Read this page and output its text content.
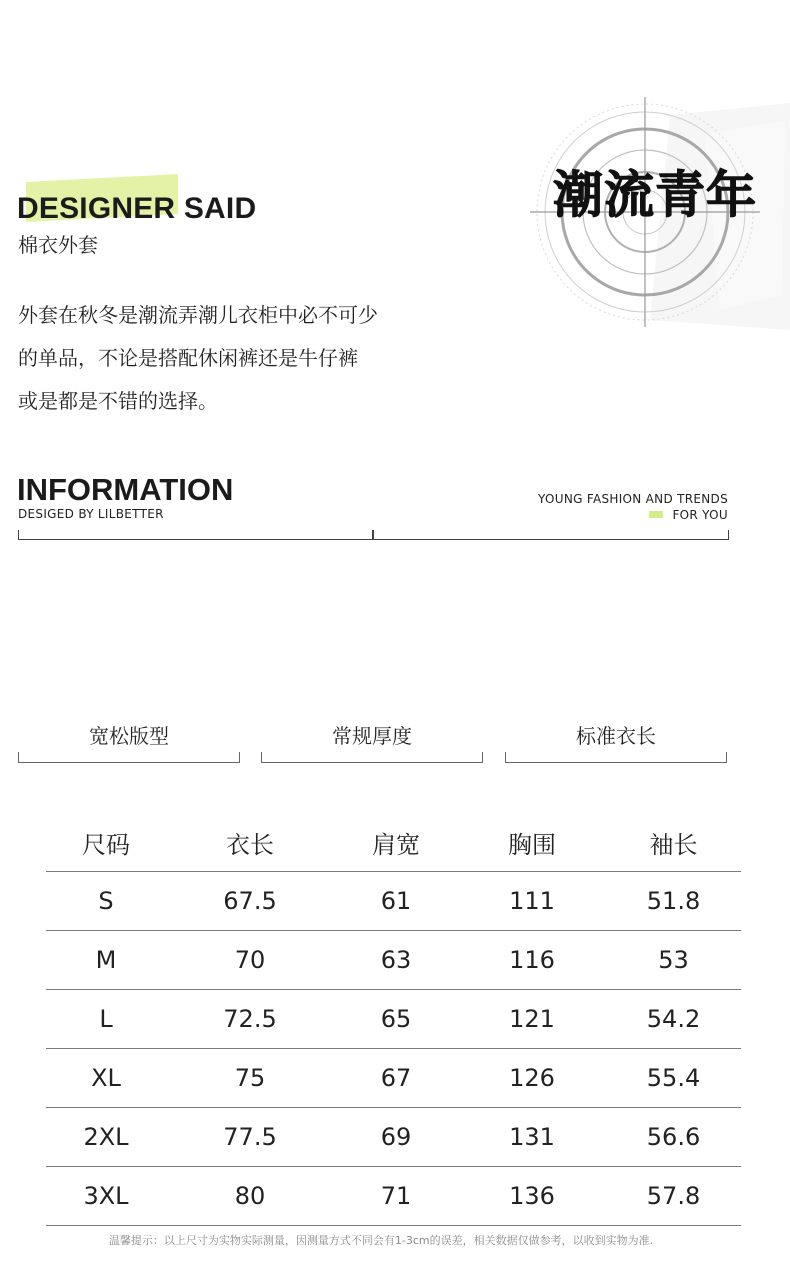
DESIGNER SAID
棉衣外套
外套在秋冬是潮流弄潮儿衣柜中必不可少
的单品，不论是搭配休闲裤还是牛仔裤
或是都是不错的选择。
潮流青年
INFORMATION
DESIGED BY LILBETTER
YOUNG FASHION AND TRENDS
FOR YOU
宽松版型	常规厚度	标准衣长
尺码	衣长	肩宽	胸围	袖长
S	67.5	61	111	51.8
M	70	63	116	53
L	72.5	65	121	54.2
XL	75	67	126	55.4
2XL	77.5	69	131	56.6
3XL	80	71	136	57.8
温馨提示：以上尺寸为实物实际测量，因测量方式不同会有1-3cm的误差，相关数据仅做参考，以收到实物为准.
